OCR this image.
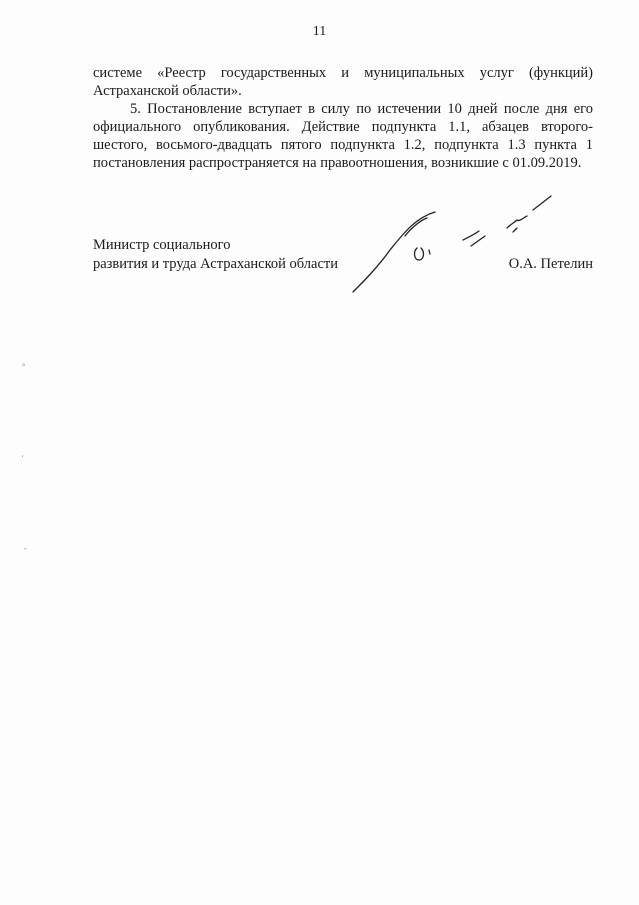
11

системе «Реестр государственных и муниципальных услуг (функций) Астраханской области».

5. Постановление вступает в силу по истечении 10 дней после дня его официального опубликования. Действие подпункта 1.1, абзацев второго-шестого, восьмого-двадцать пятого подпункта 1.2, подпункта 1.3 пункта 1 постановления распространяется на правоотношения, возникшие с 01.09.2019.

Министр социального
развития и труда Астраханской области	О.А. Петелин
°
'
-
